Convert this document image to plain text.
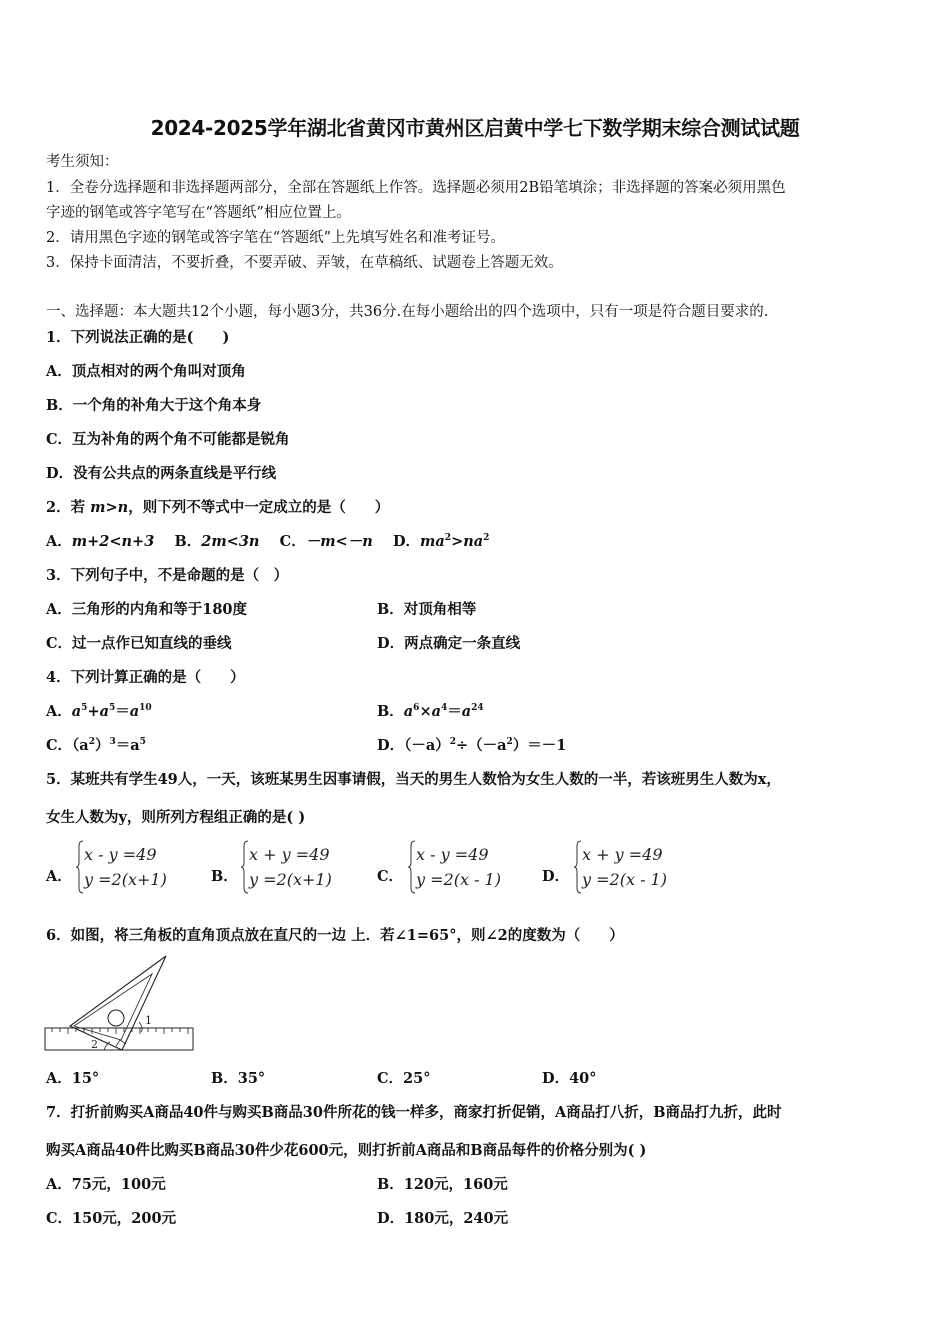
2024-2025学年湖北省黄冈市黄州区启黄中学七下数学期末综合测试试题
考生须知：
1．全卷分选择题和非选择题两部分，全部在答题纸上作答。选择题必须用2B铅笔填涂；非选择题的答案必须用黑色
字迹的钢笔或答字笔写在“答题纸”相应位置上。
2．请用黑色字迹的钢笔或答字笔在“答题纸”上先填写姓名和准考证号。
3．保持卡面清洁，不要折叠，不要弄破、弄皱，在草稿纸、试题卷上答题无效。
一、选择题：本大题共12个小题，每小题3分，共36分.在每小题给出的四个选项中，只有一项是符合题目要求的.
1．下列说法正确的是(　　)
A．顶点相对的两个角叫对顶角
B．一个角的补角大于这个角本身
C．互为补角的两个角不可能都是锐角
D．没有公共点的两条直线是平行线
2．若 m>n，则下列不等式中一定成立的是（　　）
A．m+2<n+3 B．2m<3n C．－m<－n D．$ma^2>na^2$
3．下列句子中，不是命题的是（　）
A．三角形的内角和等于180度	B．对顶角相等
C．过一点作已知直线的垂线	D．两点确定一条直线
4．下列计算正确的是（　　）
A．$a^5+a^5=a^{10}$	B．$a^6\times a^4=a^{24}$
C．$(a^2)^3=a^5$	D．$(-a)^2\div(-a^2)=-1$
5．某班共有学生49人，一天，该班某男生因事请假，当天的男生人数恰为女生人数的一半，若该班男生人数为x，
女生人数为y，则所列方程组正确的是( )
A．
x - y =49
y =2(x+1)	B．
x + y =49
y =2(x+1)	C．
x - y =49
y =2(x - 1)	D．
x + y =49
y =2(x - 1)
6．如图，将三角板的直角顶点放在直尺的一边 上．若∠1=65°，则∠2的度数为（　　）
1
2
A．15°	B．35°	C．25°	D．40°
7．打折前购买A商品40件与购买B商品30件所花的钱一样多，商家打折促销，A商品打八折，B商品打九折，此时
购买A商品40件比购买B商品30件少花600元，则打折前A商品和B商品每件的价格分别为( )
A．75元，100元	B．120元，160元
C．150元，200元	D．180元，240元
